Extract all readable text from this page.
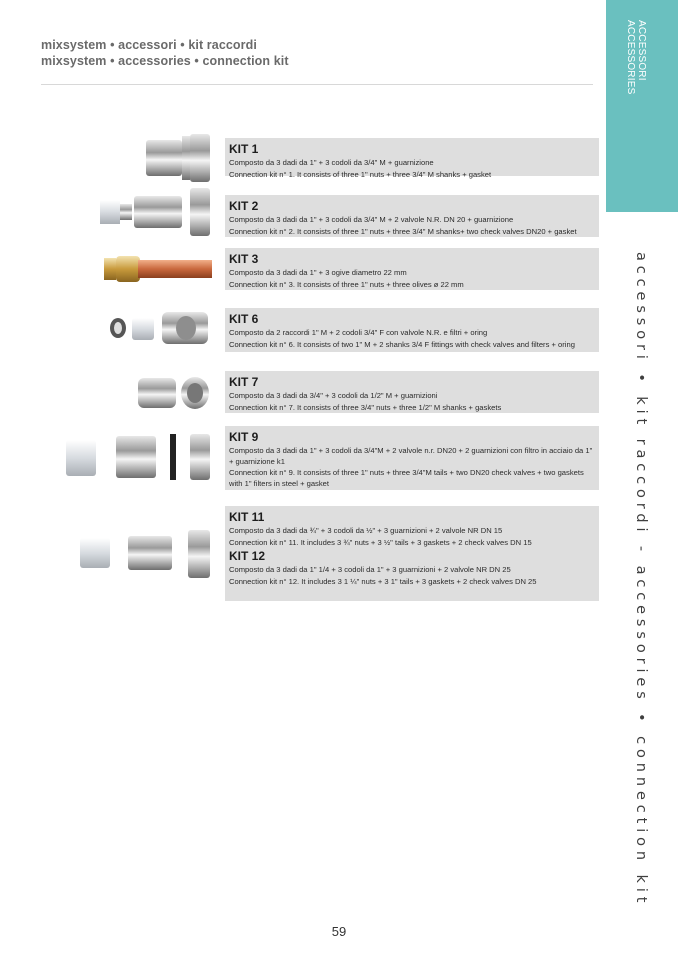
mixsystem • accessori • kit raccordi
mixsystem • accessories • connection kit	ACCESSORI
ACCESSORIES
accessori • kit raccordi - accessories • connection kit
KIT 1
Composto da 3 dadi da 1" + 3 codoli da 3/4" M + guarnizione
Connection kit n° 1. It consists of three 1" nuts + three 3/4" M shanks + gasket
KIT 2
Composto da 3 dadi da 1" + 3 codoli da 3/4" M + 2 valvole N.R. DN 20 + guarnizione
Connection kit n° 2. It consists of three 1" nuts + three 3/4" M shanks+ two check valves DN20 + gasket
KIT 3
Composto da 3 dadi da 1" + 3 ogive diametro 22 mm
Connection kit n° 3. It consists of three 1" nuts + three olives ø 22 mm
KIT 6
Composto da 2 raccordi 1" M + 2 codoli 3/4" F con valvole N.R. e filtri + oring
Connection kit n° 6. It consists of two 1" M + 2 shanks 3/4 F fittings with check valves and filters + oring
KIT 7
Composto da 3 dadi da 3/4" + 3 codoli da 1/2" M + guarnizioni
Connection kit n° 7. It consists of three 3/4" nuts + three 1/2" M shanks + gaskets
KIT 9
Composto da 3 dadi da 1" + 3 codoli da 3/4"M + 2 valvole n.r. DN20 + 2 guarnizioni con filtro in acciaio da 1" + guarnizione k1
Connection kit n° 9. It consists of three 1" nuts + three 3/4"M tails + two DN20 check valves + two gaskets with 1" filters in steel + gasket
KIT 11
Composto da 3 dadi da ¾" + 3 codoli da ½" + 3 guarnizioni + 2 valvole NR DN 15
Connection kit n° 11. It includes 3 ¾" nuts + 3 ½" tails + 3 gaskets + 2 check valves DN 15
KIT 12
Composto da 3 dadi da 1" 1/4 + 3 codoli da 1" + 3 guarnizioni + 2 valvole NR DN 25
Connection kit n° 12. It includes 3 1 ¼" nuts + 3 1" tails + 3 gaskets + 2 check valves DN 25
59
